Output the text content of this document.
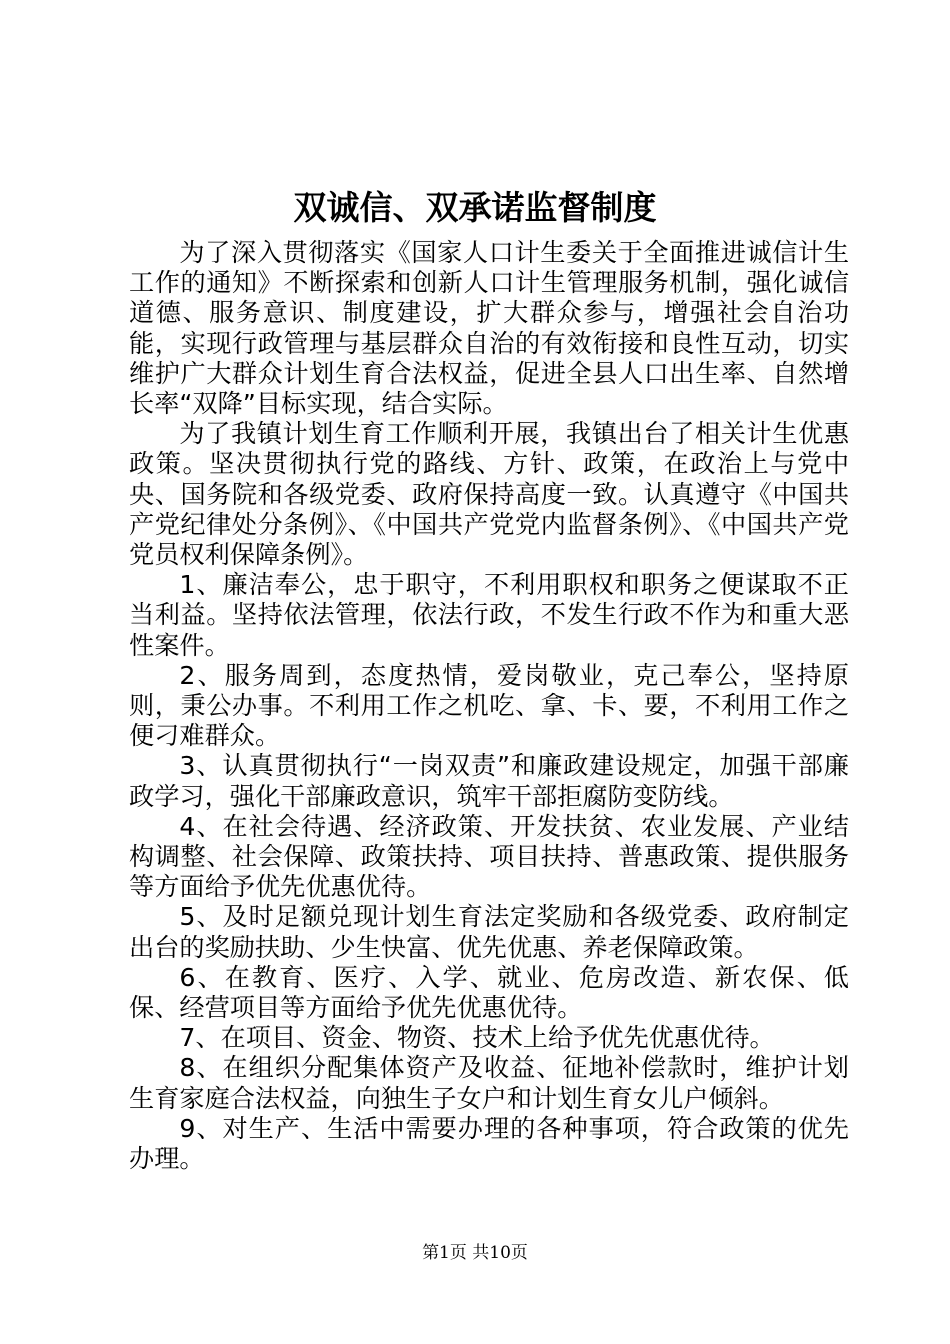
双诚信、双承诺监督制度

为了深入贯彻落实《国家人口计生委关于全面推进诚信计生工作的通知》不断探索和创新人口计生管理服务机制，强化诚信道德、服务意识、制度建设，扩大群众参与，增强社会自治功能，实现行政管理与基层群众自治的有效衔接和良性互动，切实维护广大群众计划生育合法权益，促进全县人口出生率、自然增长率“双降”目标实现，结合实际。

为了我镇计划生育工作顺利开展，我镇出台了相关计生优惠政策。坚决贯彻执行党的路线、方针、政策，在政治上与党中央、国务院和各级党委、政府保持高度一致。认真遵守《中国共产党纪律处分条例》、《中国共产党党内监督条例》、《中国共产党党员权利保障条例》。

1、廉洁奉公，忠于职守，不利用职权和职务之便谋取不正当利益。坚持依法管理，依法行政，不发生行政不作为和重大恶性案件。

2、服务周到，态度热情，爱岗敬业，克己奉公，坚持原则，秉公办事。不利用工作之机吃、拿、卡、要，不利用工作之便刁难群众。

3、认真贯彻执行“一岗双责”和廉政建设规定，加强干部廉政学习，强化干部廉政意识，筑牢干部拒腐防变防线。

4、在社会待遇、经济政策、开发扶贫、农业发展、产业结构调整、社会保障、政策扶持、项目扶持、普惠政策、提供服务等方面给予优先优惠优待。

5、及时足额兑现计划生育法定奖励和各级党委、政府制定出台的奖励扶助、少生快富、优先优惠、养老保障政策。

6、在教育、医疗、入学、就业、危房改造、新农保、低保、经营项目等方面给予优先优惠优待。

7、在项目、资金、物资、技术上给予优先优惠优待。

8、在组织分配集体资产及收益、征地补偿款时，维护计划生育家庭合法权益，向独生子女户和计划生育女儿户倾斜。

9、对生产、生活中需要办理的各种事项，符合政策的优先办理。

第1页 共10页
